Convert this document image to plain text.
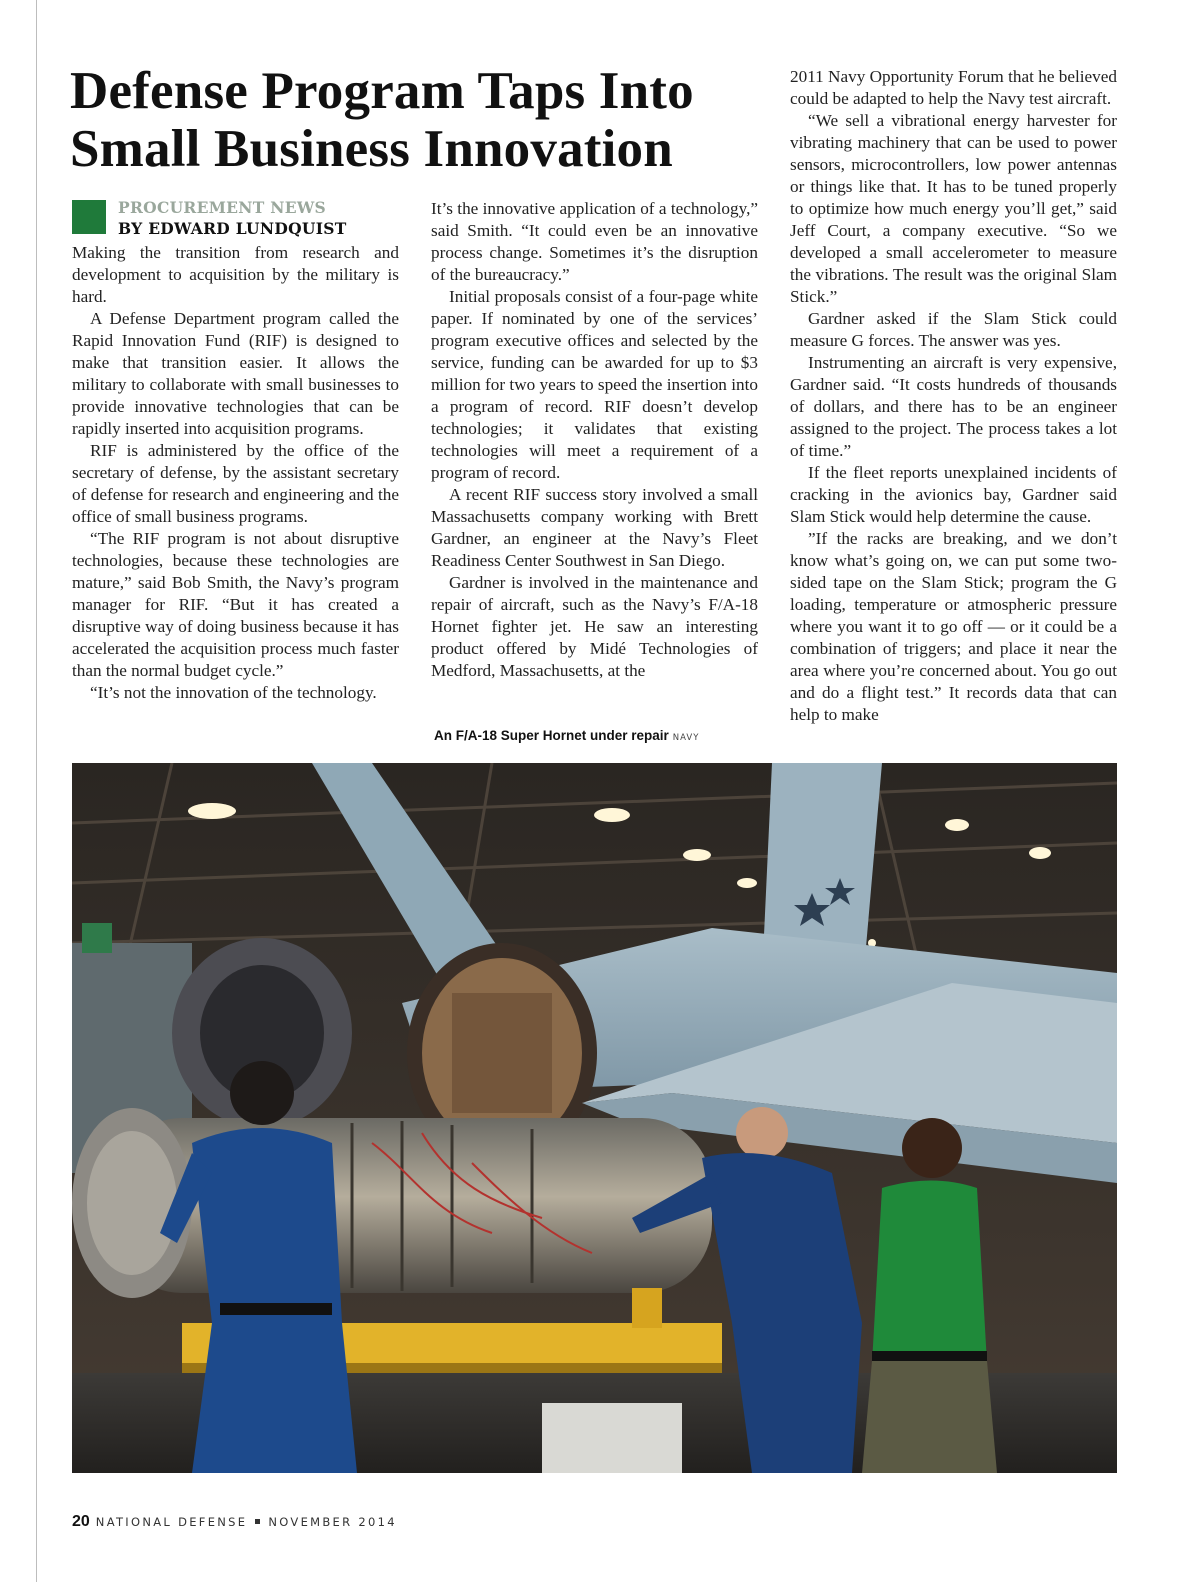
Defense Program Taps Into Small Business Innovation
PROCUREMENT NEWS
BY EDWARD LUNDQUIST

Making the transition from research and development to acquisition by the military is hard.

A Defense Department program called the Rapid Innovation Fund (RIF) is designed to make that transition easier. It allows the military to collaborate with small businesses to provide innovative technologies that can be rapidly inserted into acquisition programs.

RIF is administered by the office of the secretary of defense, by the assistant secretary of defense for research and engineering and the office of small business programs.

“The RIF program is not about disruptive technologies, because these technologies are mature,” said Bob Smith, the Navy’s program manager for RIF. “But it has created a disruptive way of doing business because it has accelerated the acquisition process much faster than the normal budget cycle.”

“It’s not the innovation of the technology.

It’s the innovative application of a technology,” said Smith. “It could even be an innovative process change. Sometimes it’s the disruption of the bureaucracy.”

Initial proposals consist of a four-page white paper. If nominated by one of the services’ program executive offices and selected by the service, funding can be awarded for up to $3 million for two years to speed the insertion into a program of record. RIF doesn’t develop technologies; it validates that existing technologies will meet a requirement of a program of record.

A recent RIF success story involved a small Massachusetts company working with Brett Gardner, an engineer at the Navy’s Fleet Readiness Center Southwest in San Diego.

Gardner is involved in the maintenance and repair of aircraft, such as the Navy’s F/A-18 Hornet fighter jet. He saw an interesting product offered by Midé Technologies of Medford, Massachusetts, at the

2011 Navy Opportunity Forum that he believed could be adapted to help the Navy test aircraft.

“We sell a vibrational energy harvester for vibrating machinery that can be used to power sensors, microcontrollers, low power antennas or things like that. It has to be tuned properly to optimize how much energy you’ll get,” said Jeff Court, a company executive. “So we developed a small accelerometer to measure the vibrations. The result was the original Slam Stick.”

Gardner asked if the Slam Stick could measure G forces. The answer was yes.

Instrumenting an aircraft is very expensive, Gardner said. “It costs hundreds of thousands of dollars, and there has to be an engineer assigned to the project. The process takes a lot of time.”

If the fleet reports unexplained incidents of cracking in the avionics bay, Gardner said Slam Stick would help determine the cause.

”If the racks are breaking, and we don’t know what’s going on, we can put some two-sided tape on the Slam Stick; program the G loading, temperature or atmospheric pressure where you want it to go off — or it could be a combination of triggers; and place it near the area where you’re concerned about. You go out and do a flight test.” It records data that can help to make

An F/A-18 Super Hornet under repair NAVY
20 NATIONAL DEFENSE NOVEMBER 2014
